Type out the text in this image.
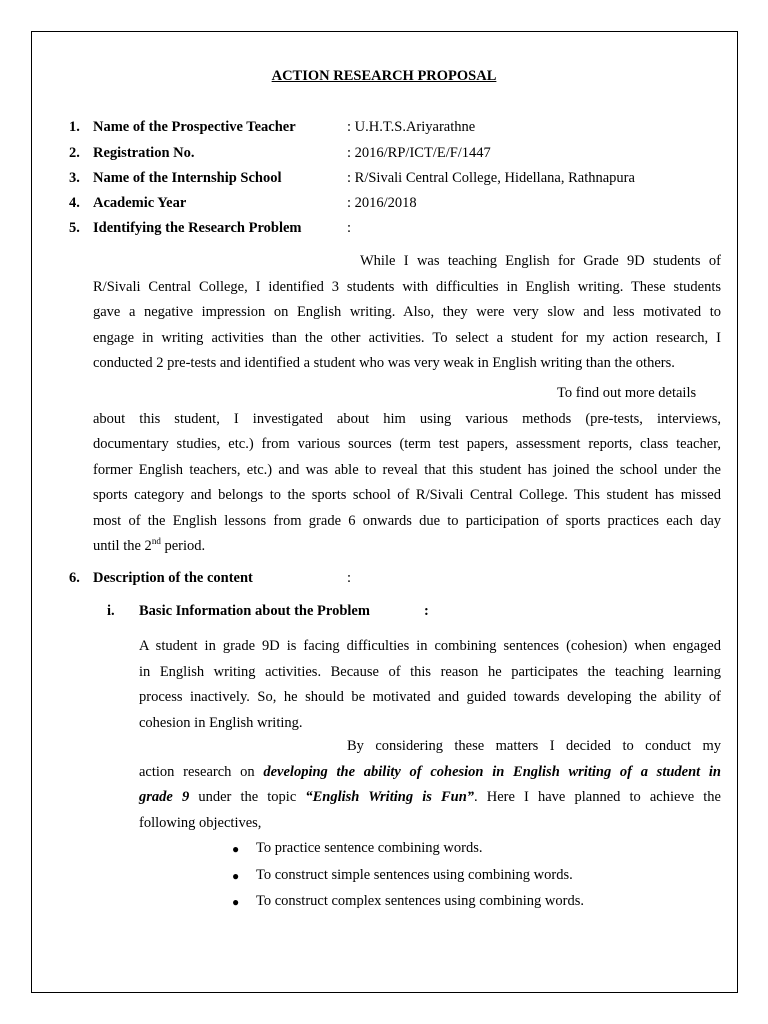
ACTION RESEARCH PROPOSAL
1. Name of the Prospective Teacher	: U.H.T.S.Ariyarathne
2. Registration No.	: 2016/RP/ICT/E/F/1447
3. Name of the Internship School	: R/Sivali Central College, Hidellana, Rathnapura
4. Academic Year	: 2016/2018
5. Identifying the Research Problem	:
While I was teaching English for Grade 9D students of
R/Sivali Central College, I identified 3 students with difficulties in English writing. These students
gave a negative impression on English writing. Also, they were very slow and less motivated to
engage in writing activities than the other activities. To select a student for my action research, I
conducted 2 pre-tests and identified a student who was very weak in English writing than the others.
To find out more details
about this student, I investigated about him using various methods (pre-tests, interviews,
documentary studies, etc.) from various sources (term test papers, assessment reports, class teacher,
former English teachers, etc.) and was able to reveal that this student has joined the school under the
sports category and belongs to the sports school of R/Sivali Central College. This student has missed
most of the English lessons from grade 6 onwards due to participation of sports practices each day
until the 2nd period.
6. Description of the content	:
i. Basic Information about the Problem	:
A student in grade 9D is facing difficulties in combining sentences (cohesion) when engaged
in English writing activities. Because of this reason he participates the teaching learning
process inactively. So, he should be motivated and guided towards developing the ability of
cohesion in English writing.
By considering these matters I decided to conduct my
action research on developing the ability of cohesion in English writing of a student in
grade 9 under the topic “English Writing is Fun”. Here I have planned to achieve the
following objectives,
● To practice sentence combining words.
● To construct simple sentences using combining words.
● To construct complex sentences using combining words.
